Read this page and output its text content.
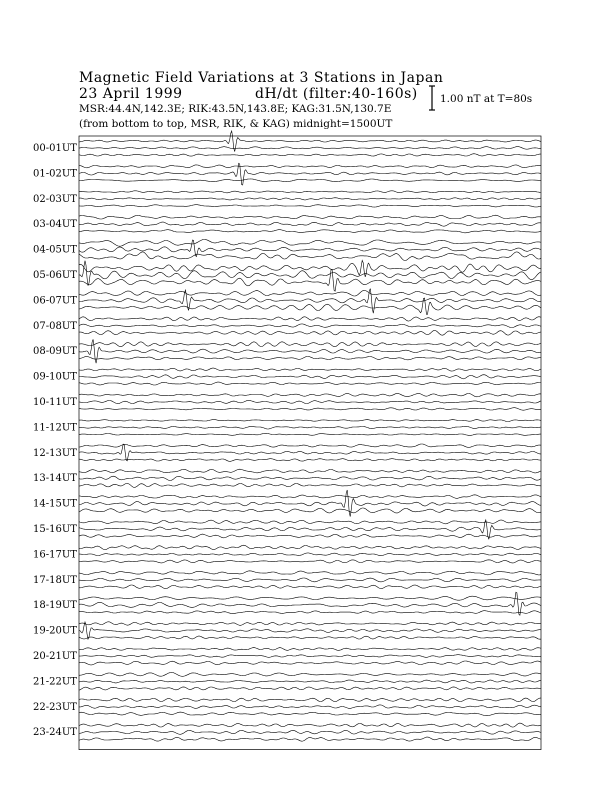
Magnetic Field Variations at 3 Stations in Japan
23 April 1999	dH/dt (filter:40-160s)
MSR:44.4N,142.3E; RIK:43.5N,143.8E; KAG:31.5N,130.7E
(from bottom to top, MSR, RIK, & KAG) midnight=1500UT
1.00 nT at T=80s
00-01UT
01-02UT
02-03UT
03-04UT
04-05UT
05-06UT
06-07UT
07-08UT
08-09UT
09-10UT
10-11UT
11-12UT
12-13UT
13-14UT
14-15UT
15-16UT
16-17UT
17-18UT
18-19UT
19-20UT
20-21UT
21-22UT
22-23UT
23-24UT
